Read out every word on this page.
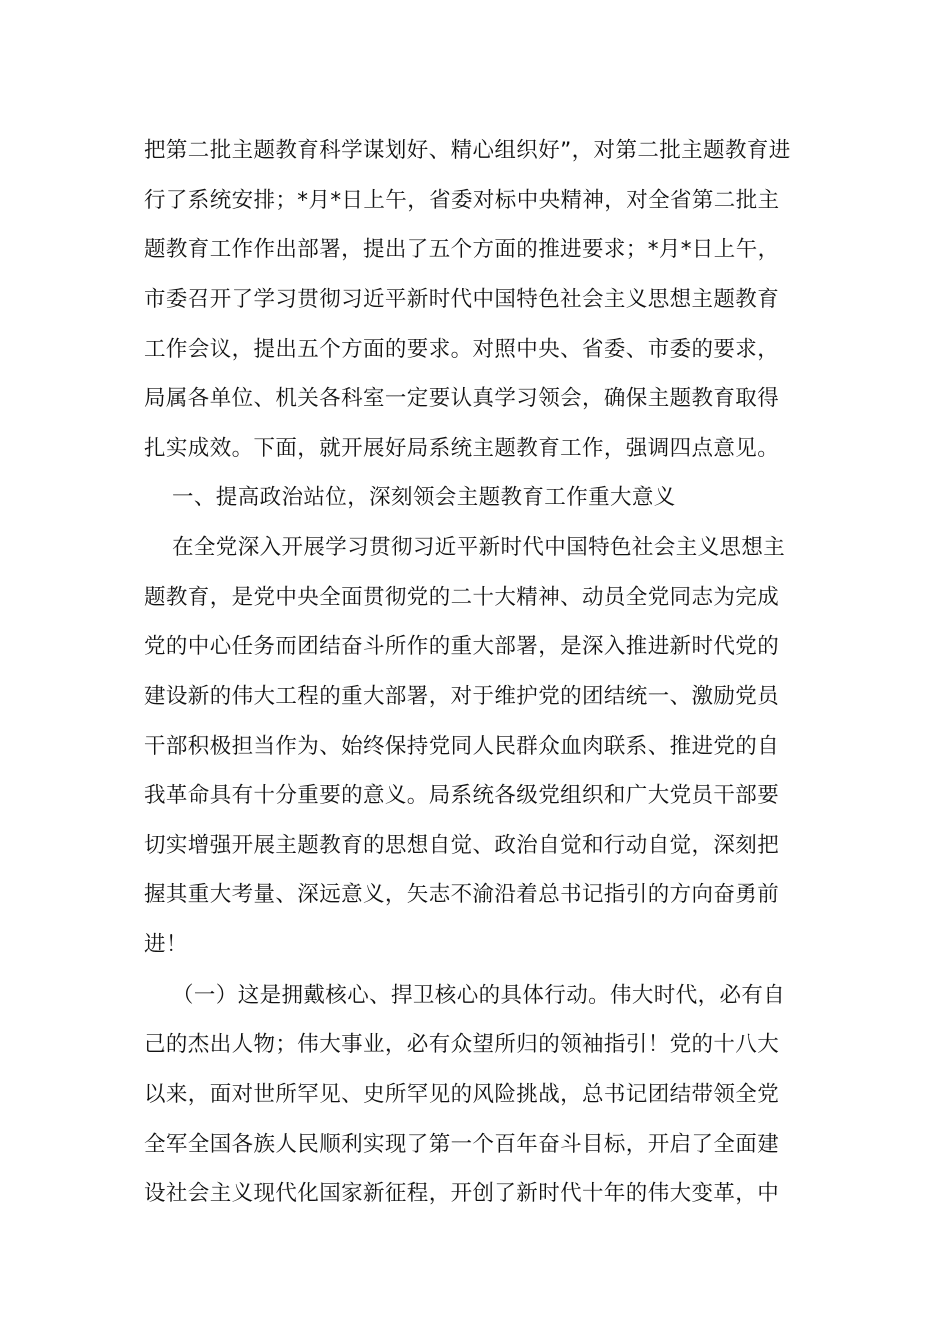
把第二批主题教育科学谋划好、精心组织好”，对第二批主题教育进
行了系统安排；*月*日上午，省委对标中央精神，对全省第二批主
题教育工作作出部署，提出了五个方面的推进要求；*月*日上午，
市委召开了学习贯彻习近平新时代中国特色社会主义思想主题教育
工作会议，提出五个方面的要求。对照中央、省委、市委的要求，
局属各单位、机关各科室一定要认真学习领会，确保主题教育取得
扎实成效。下面，就开展好局系统主题教育工作，强调四点意见。
一、提高政治站位，深刻领会主题教育工作重大意义
在全党深入开展学习贯彻习近平新时代中国特色社会主义思想主
题教育，是党中央全面贯彻党的二十大精神、动员全党同志为完成
党的中心任务而团结奋斗所作的重大部署，是深入推进新时代党的
建设新的伟大工程的重大部署，对于维护党的团结统一、激励党员
干部积极担当作为、始终保持党同人民群众血肉联系、推进党的自
我革命具有十分重要的意义。局系统各级党组织和广大党员干部要
切实增强开展主题教育的思想自觉、政治自觉和行动自觉，深刻把
握其重大考量、深远意义，矢志不渝沿着总书记指引的方向奋勇前
进！
（一）这是拥戴核心、捍卫核心的具体行动。伟大时代，必有自
己的杰出人物；伟大事业，必有众望所归的领袖指引！党的十八大
以来，面对世所罕见、史所罕见的风险挑战，总书记团结带领全党
全军全国各族人民顺利实现了第一个百年奋斗目标，开启了全面建
设社会主义现代化国家新征程，开创了新时代十年的伟大变革，中
